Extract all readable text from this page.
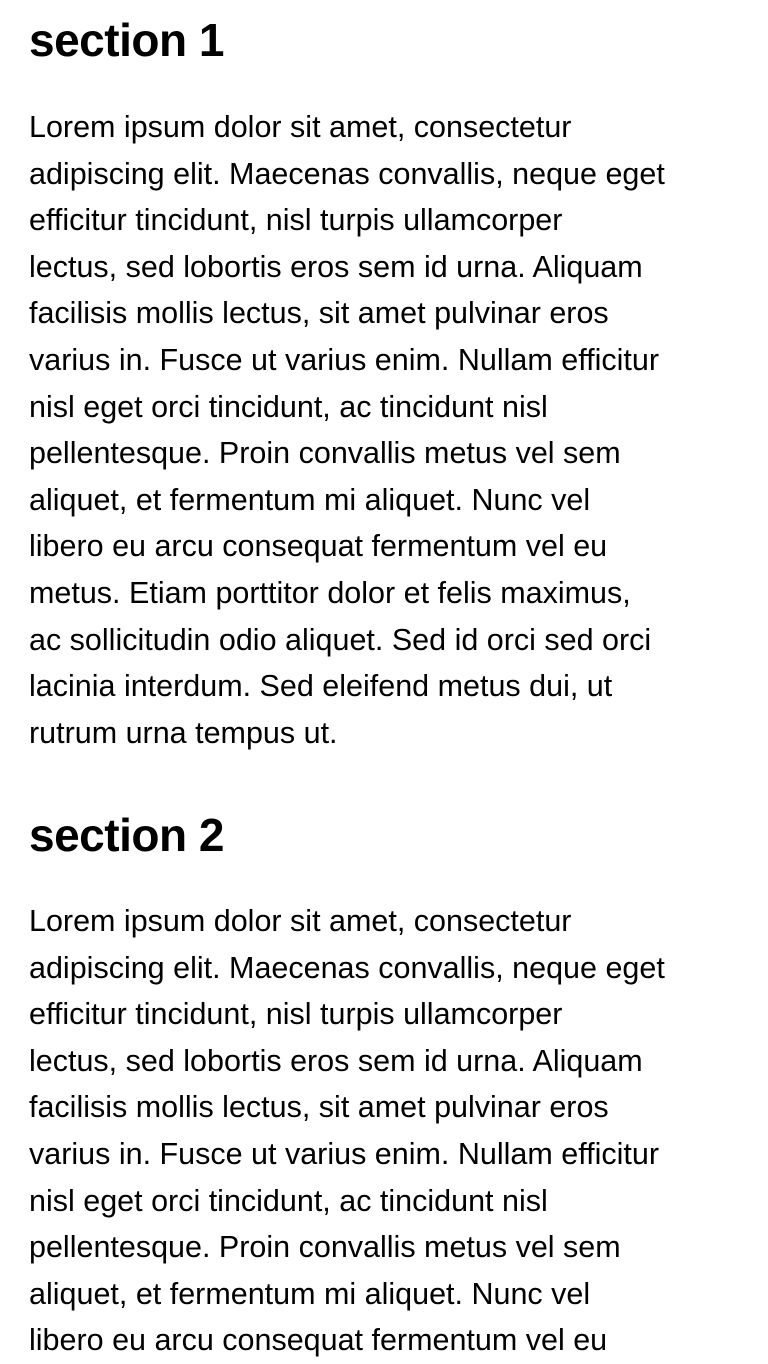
section 1

Lorem ipsum dolor sit amet, consectetur
adipiscing elit. Maecenas convallis, neque eget
efficitur tincidunt, nisl turpis ullamcorper
lectus, sed lobortis eros sem id urna. Aliquam
facilisis mollis lectus, sit amet pulvinar eros
varius in. Fusce ut varius enim. Nullam efficitur
nisl eget orci tincidunt, ac tincidunt nisl
pellentesque. Proin convallis metus vel sem
aliquet, et fermentum mi aliquet. Nunc vel
libero eu arcu consequat fermentum vel eu
metus. Etiam porttitor dolor et felis maximus,
ac sollicitudin odio aliquet. Sed id orci sed orci
lacinia interdum. Sed eleifend metus dui, ut
rutrum urna tempus ut.

section 2

Lorem ipsum dolor sit amet, consectetur
adipiscing elit. Maecenas convallis, neque eget
efficitur tincidunt, nisl turpis ullamcorper
lectus, sed lobortis eros sem id urna. Aliquam
facilisis mollis lectus, sit amet pulvinar eros
varius in. Fusce ut varius enim. Nullam efficitur
nisl eget orci tincidunt, ac tincidunt nisl
pellentesque. Proin convallis metus vel sem
aliquet, et fermentum mi aliquet. Nunc vel
libero eu arcu consequat fermentum vel eu
